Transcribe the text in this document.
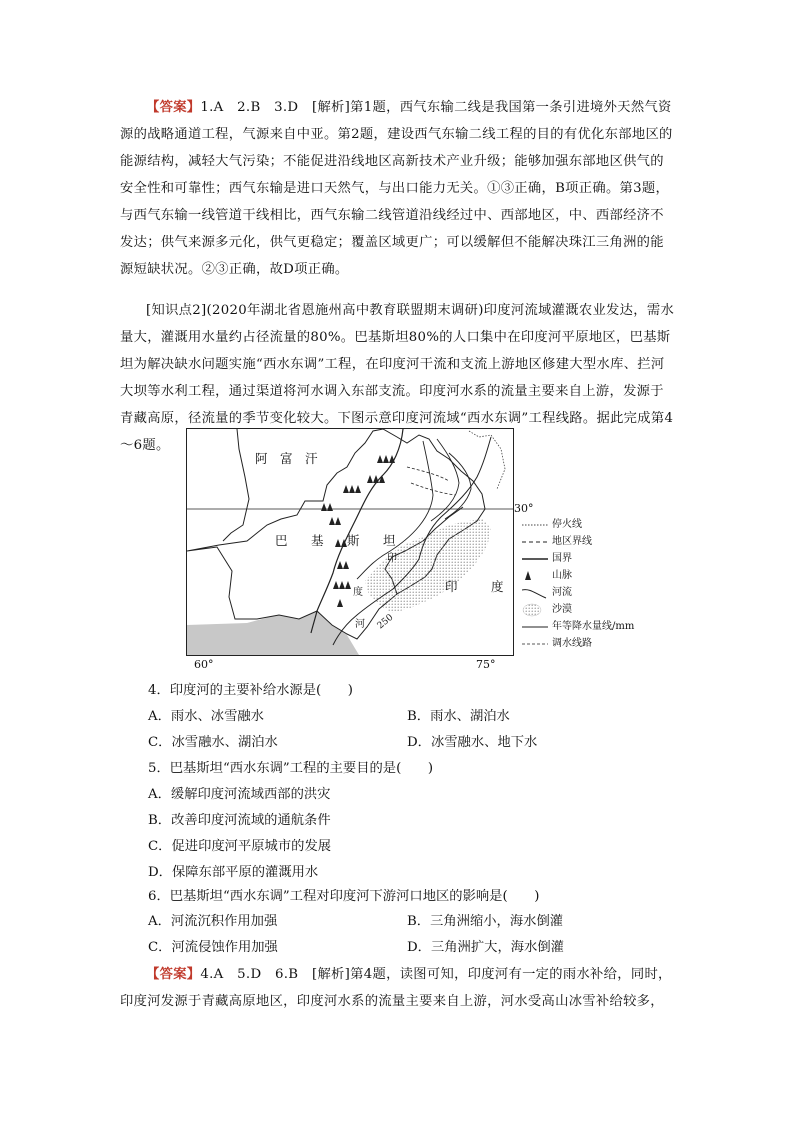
【答案】1.A　2.B　3.D　[解析]第1题，西气东输二线是我国第一条引进境外天然气资源的战略通道工程，气源来自中亚。第2题，建设西气东输二线工程的目的有优化东部地区的能源结构，减轻大气污染；不能促进沿线地区高新技术产业升级；能够加强东部地区供气的安全性和可靠性；西气东输是进口天然气，与出口能力无关。①③正确，B项正确。第3题，与西气东输一线管道干线相比，西气东输二线管道沿线经过中、西部地区，中、西部经济不发达；供气来源多元化，供气更稳定；覆盖区域更广；可以缓解但不能解决珠江三角洲的能源短缺状况。②③正确，故D项正确。
[知识点2](2020年湖北省恩施州高中教育联盟期末调研)印度河流域灌溉农业发达，需水量大，灌溉用水量约占径流量的80%。巴基斯坦80%的人口集中在印度河平原地区，巴基斯坦为解决缺水问题实施“西水东调”工程，在印度河干流和支流上游地区修建大型水库、拦河大坝等水利工程，通过渠道将河水调入东部支流。印度河水系的流量主要来自上游，发源于青藏高原，径流量的季节变化较大。下图示意印度河流域“西水东调”工程线路。据此完成第4～6题。
阿　富　汗
巴 基 斯 坦
印	度
印
度
河 250
30°
60°	75°
停火线
地区界线
国界
山脉
河流
沙漠
年等降水量线/mm
调水线路
4．印度河的主要补给水源是(　　)
A．雨水、冰雪融水	B．雨水、湖泊水
C．冰雪融水、湖泊水	D．冰雪融水、地下水
5．巴基斯坦“西水东调”工程的主要目的是(　　)
A．缓解印度河流域西部的洪灾
B．改善印度河流域的通航条件
C．促进印度河平原城市的发展
D．保障东部平原的灌溉用水
6．巴基斯坦“西水东调”工程对印度河下游河口地区的影响是(　　)
A．河流沉积作用加强	B．三角洲缩小，海水倒灌
C．河流侵蚀作用加强	D．三角洲扩大，海水倒灌
【答案】4.A　5.D　6.B　[解析]第4题，读图可知，印度河有一定的雨水补给，同时，印度河发源于青藏高原地区，印度河水系的流量主要来自上游，河水受高山冰雪补给较多，
